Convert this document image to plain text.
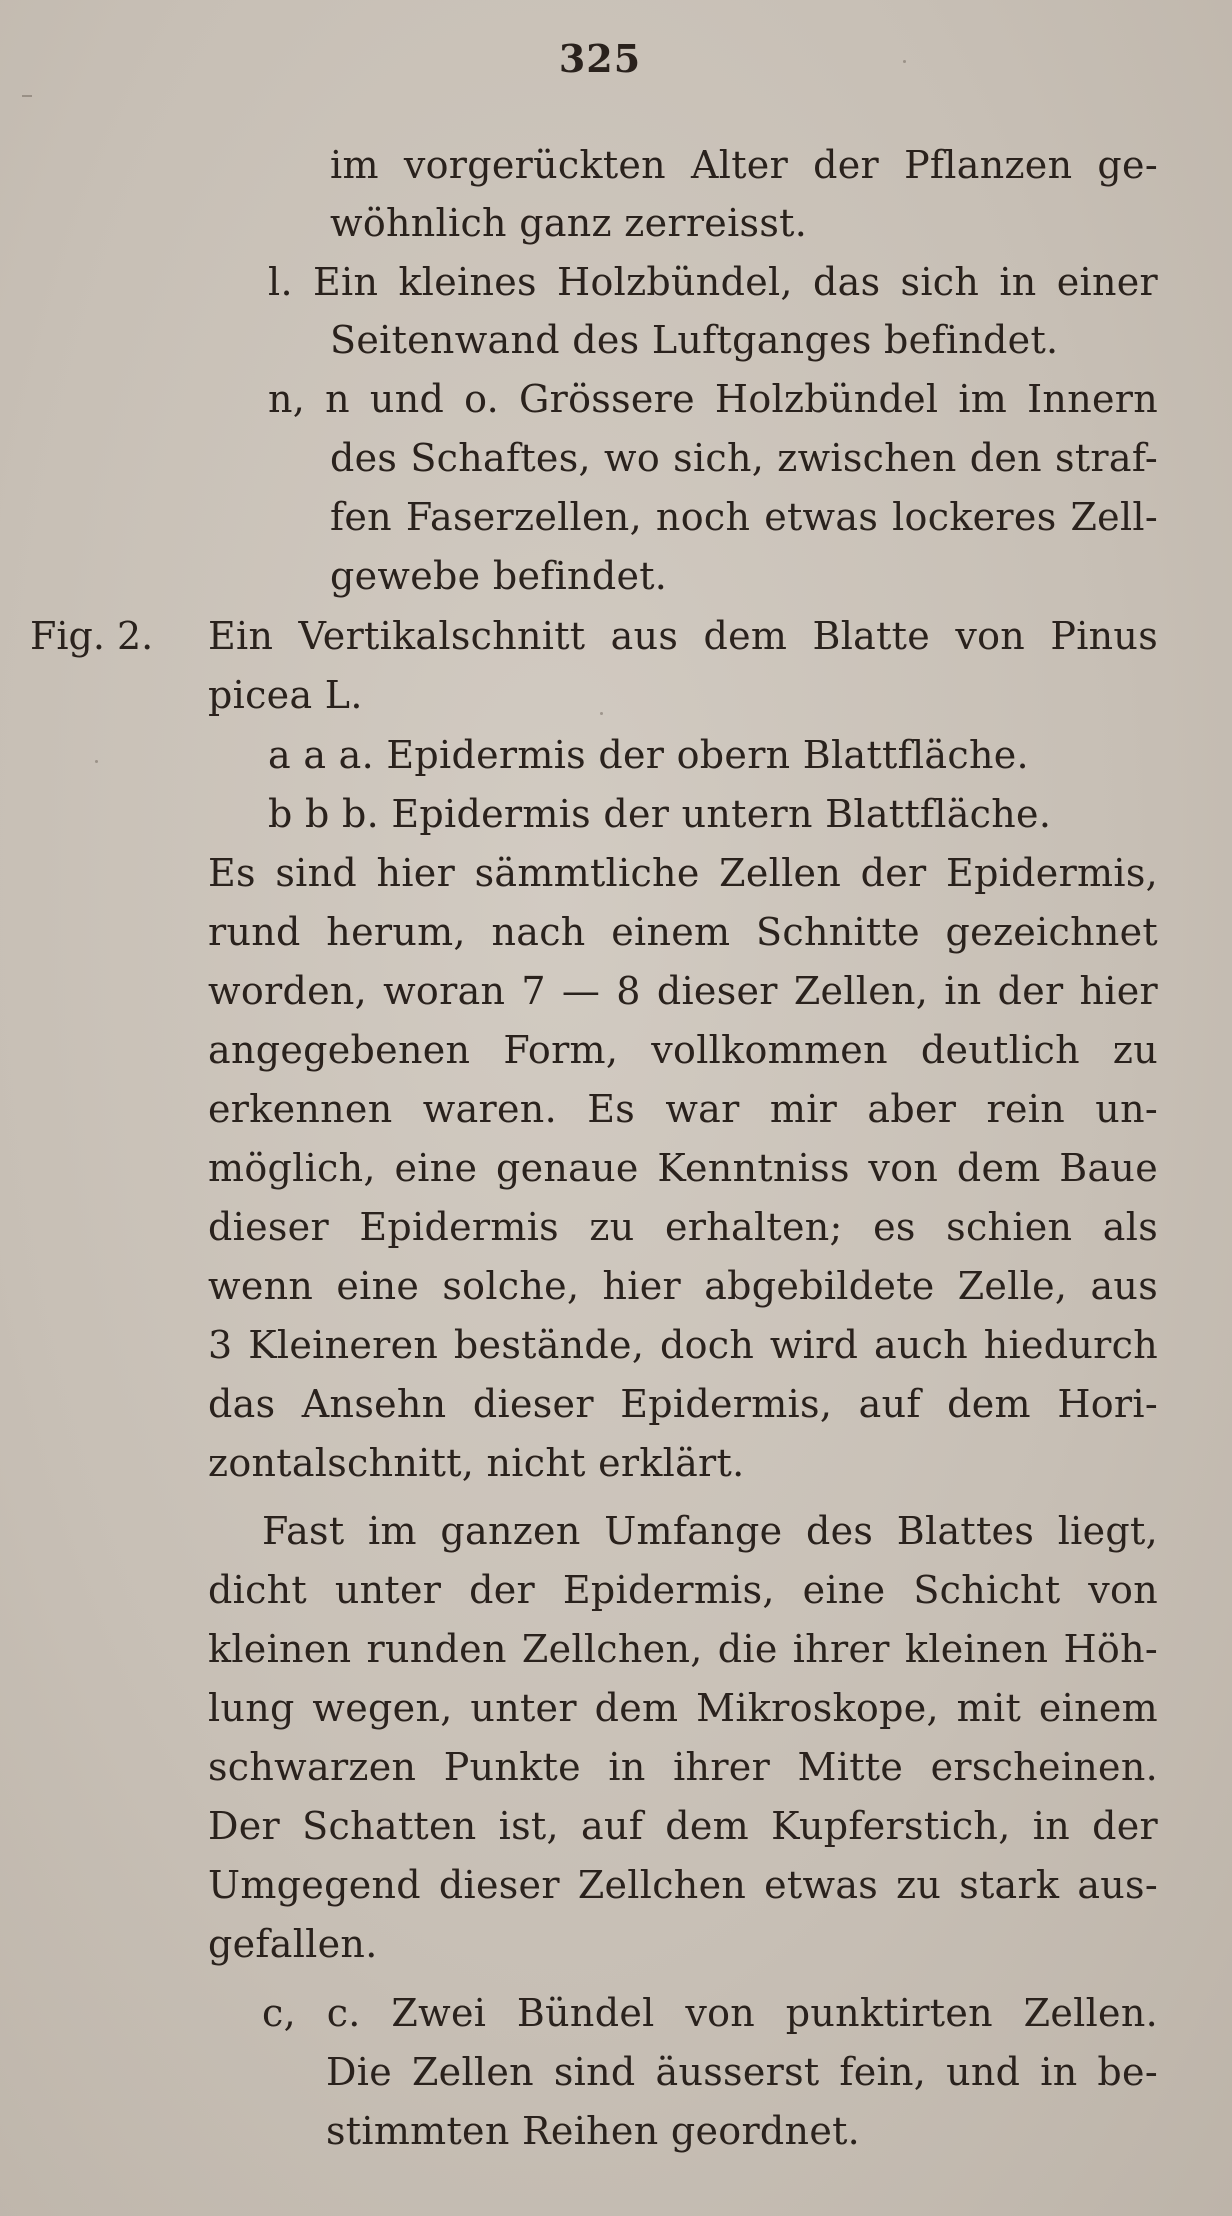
325
im vorgerückten Alter der Pflanzen ge-
wöhnlich ganz zerreisst.
l. Ein kleines Holzbündel, das sich in einer
Seitenwand des Luftganges befindet.
n, n und o. Grössere Holzbündel im Innern
des Schaftes, wo sich, zwischen den straf-
fen Faserzellen, noch etwas lockeres Zell-
gewebe befindet.
Fig. 2. Ein Vertikalschnitt aus dem Blatte von Pinus
picea L.
a a a. Epidermis der obern Blattfläche.
b b b. Epidermis der untern Blattfläche.
Es sind hier sämmtliche Zellen der Epidermis,
rund herum, nach einem Schnitte gezeichnet
worden, woran 7 — 8 dieser Zellen, in der hier
angegebenen Form, vollkommen deutlich zu
erkennen waren. Es war mir aber rein un-
möglich, eine genaue Kenntniss von dem Baue
dieser Epidermis zu erhalten; es schien als
wenn eine solche, hier abgebildete Zelle, aus
3 Kleineren bestände, doch wird auch hiedurch
das Ansehn dieser Epidermis, auf dem Hori-
zontalschnitt, nicht erklärt.
Fast im ganzen Umfange des Blattes liegt,
dicht unter der Epidermis, eine Schicht von
kleinen runden Zellchen, die ihrer kleinen Höh-
lung wegen, unter dem Mikroskope, mit einem
schwarzen Punkte in ihrer Mitte erscheinen.
Der Schatten ist, auf dem Kupferstich, in der
Umgegend dieser Zellchen etwas zu stark aus-
gefallen.
c, c. Zwei Bündel von punktirten Zellen.
Die Zellen sind äusserst fein, und in be-
stimmten Reihen geordnet.
